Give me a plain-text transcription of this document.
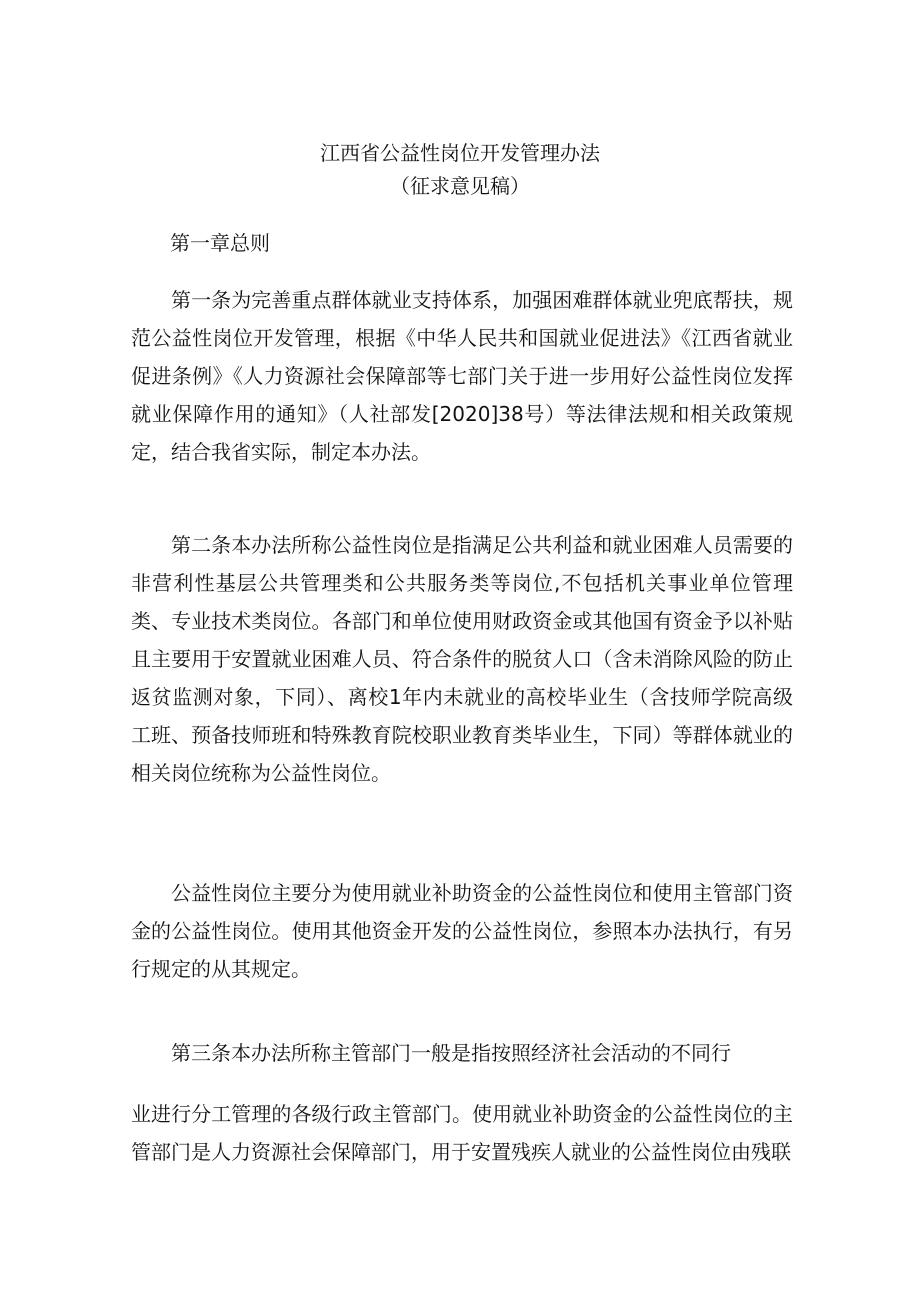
江西省公益性岗位开发管理办法
（征求意见稿）
第一章总则

第一条为完善重点群体就业支持体系，加强困难群体就业兜底帮扶，规范公益性岗位开发管理，根据《中华人民共和国就业促进法》《江西省就业促进条例》《人力资源社会保障部等七部门关于进一步用好公益性岗位发挥就业保障作用的通知》（人社部发[2020]38号）等法律法规和相关政策规定，结合我省实际，制定本办法。

第二条本办法所称公益性岗位是指满足公共利益和就业困难人员需要的非营利性基层公共管理类和公共服务类等岗位,不包括机关事业单位管理类、专业技术类岗位。各部门和单位使用财政资金或其他国有资金予以补贴且主要用于安置就业困难人员、符合条件的脱贫人口（含未消除风险的防止返贫监测对象，下同）、离校1年内未就业的高校毕业生（含技师学院高级工班、预备技师班和特殊教育院校职业教育类毕业生，下同）等群体就业的相关岗位统称为公益性岗位。

公益性岗位主要分为使用就业补助资金的公益性岗位和使用主管部门资金的公益性岗位。使用其他资金开发的公益性岗位，参照本办法执行，有另行规定的从其规定。

第三条本办法所称主管部门一般是指按照经济社会活动的不同行

业进行分工管理的各级行政主管部门。使用就业补助资金的公益性岗位的主管部门是人力资源社会保障部门，用于安置残疾人就业的公益性岗位由残联
